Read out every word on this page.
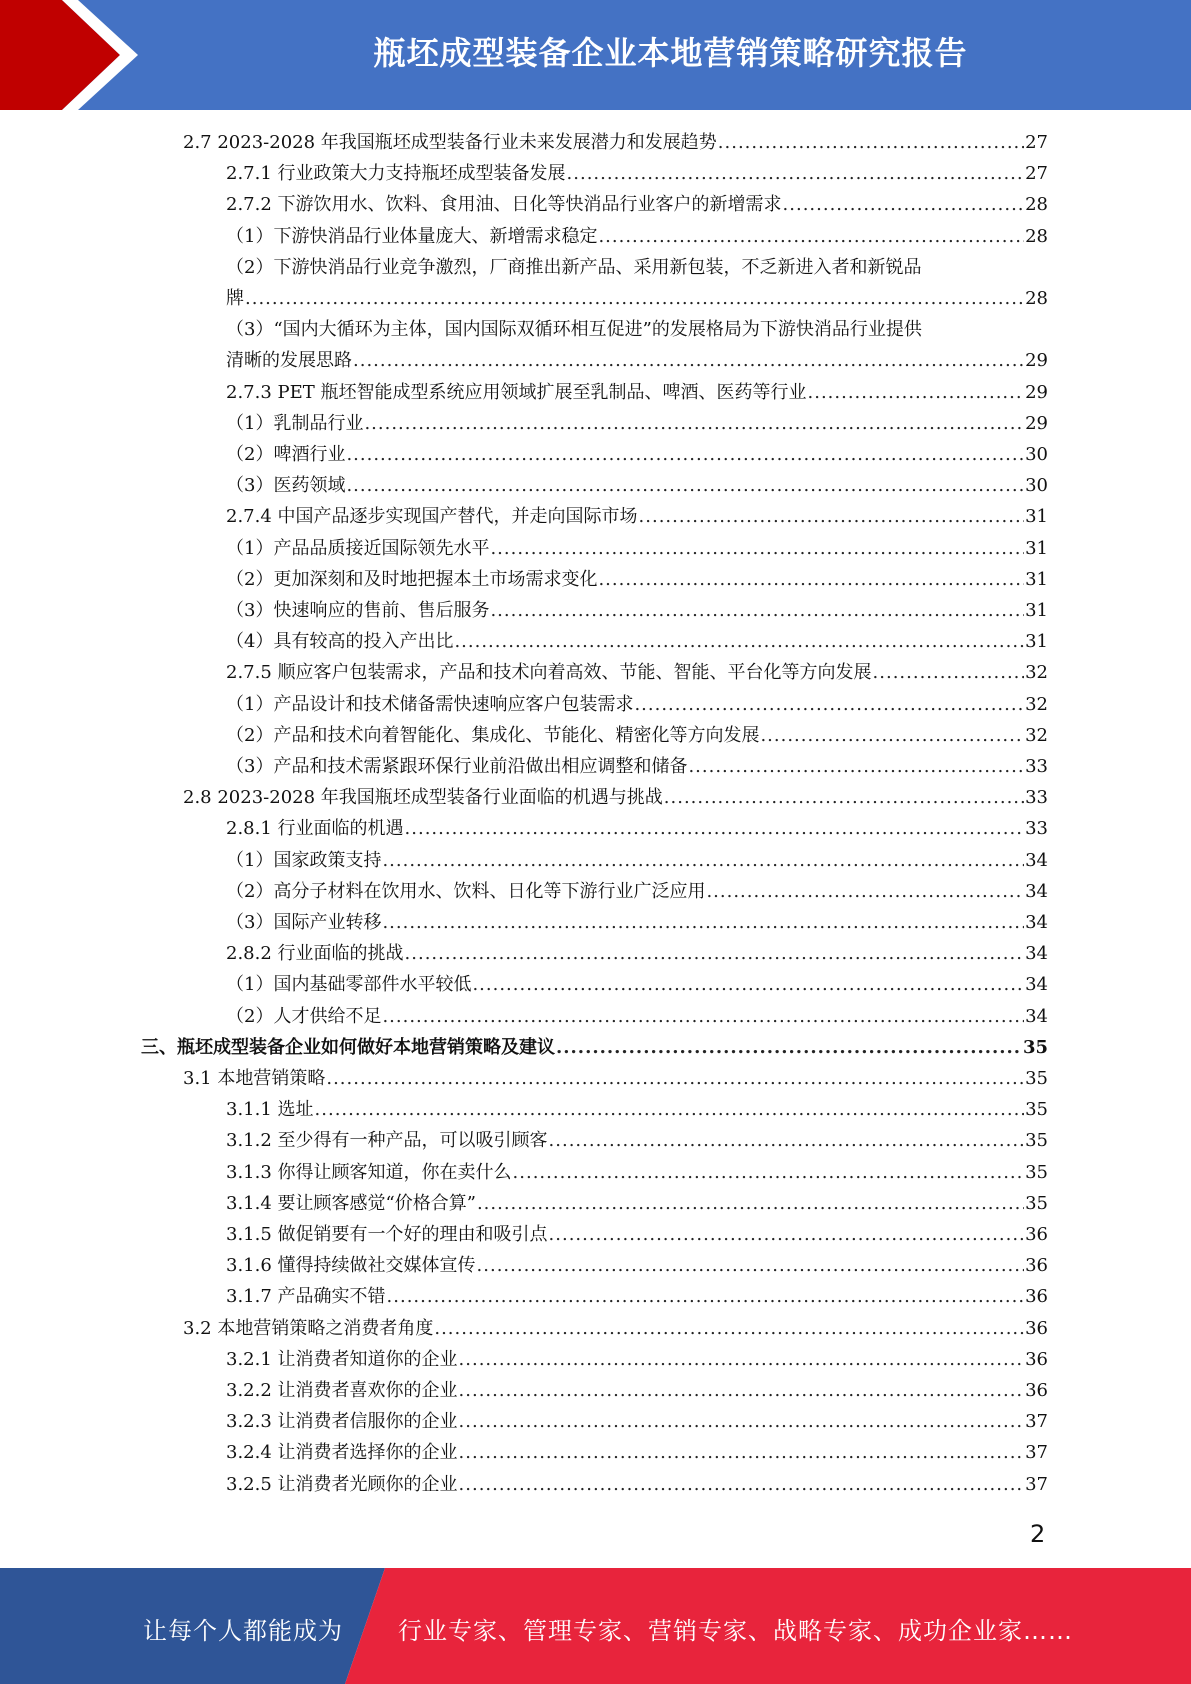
瓶坯成型装备企业本地营销策略研究报告
2.7 2023-2028 年我国瓶坯成型装备行业未来发展潜力和发展趋势 .....	27
2.7.1 行业政策大力支持瓶坯成型装备发展 .....	27
2.7.2 下游饮用水、饮料、食用油、日化等快消品行业客户的新增需求 .....	28
（1）下游快消品行业体量庞大、新增需求稳定 .....	28
（2）下游快消品行业竞争激烈，厂商推出新产品、采用新包装，不乏新进入者和新锐品
牌 .....	28
（3）“国内大循环为主体，国内国际双循环相互促进”的发展格局为下游快消品行业提供
清晰的发展思路 .....	29
2.7.3 PET 瓶坯智能成型系统应用领域扩展至乳制品、啤酒、医药等行业 .....	29
（1）乳制品行业 .....	29
（2）啤酒行业 .....	30
（3）医药领域 .....	30
2.7.4 中国产品逐步实现国产替代，并走向国际市场 .....	31
（1）产品品质接近国际领先水平 .....	31
（2）更加深刻和及时地把握本土市场需求变化 .....	31
（3）快速响应的售前、售后服务 .....	31
（4）具有较高的投入产出比 .....	31
2.7.5 顺应客户包装需求，产品和技术向着高效、节能、智能、平台化等方向发展 .....	32
（1）产品设计和技术储备需快速响应客户包装需求 .....	32
（2）产品和技术向着智能化、集成化、节能化、精密化等方向发展 .....	32
（3）产品和技术需紧跟环保行业前沿做出相应调整和储备 .....	33
2.8 2023-2028 年我国瓶坯成型装备行业面临的机遇与挑战 .....	33
2.8.1 行业面临的机遇 .....	33
（1）国家政策支持 .....	34
（2）高分子材料在饮用水、饮料、日化等下游行业广泛应用 .....	34
（3）国际产业转移 .....	34
2.8.2 行业面临的挑战 .....	34
（1）国内基础零部件水平较低 .....	34
（2）人才供给不足 .....	34
三、瓶坯成型装备企业如何做好本地营销策略及建议 .....	35
3.1 本地营销策略 .....	35
3.1.1 选址 .....	35
3.1.2 至少得有一种产品，可以吸引顾客 .....	35
3.1.3 你得让顾客知道，你在卖什么 .....	35
3.1.4 要让顾客感觉“价格合算” .....	35
3.1.5 做促销要有一个好的理由和吸引点 .....	36
3.1.6 懂得持续做社交媒体宣传 .....	36
3.1.7 产品确实不错 .....	36
3.2 本地营销策略之消费者角度 .....	36
3.2.1 让消费者知道你的企业 .....	36
3.2.2 让消费者喜欢你的企业 .....	36
3.2.3 让消费者信服你的企业 .....	37
3.2.4 让消费者选择你的企业 .....	37
3.2.5 让消费者光顾你的企业 .....	37
2
让每个人都能成为 行业专家、管理专家、营销专家、战略专家、成功企业家……
